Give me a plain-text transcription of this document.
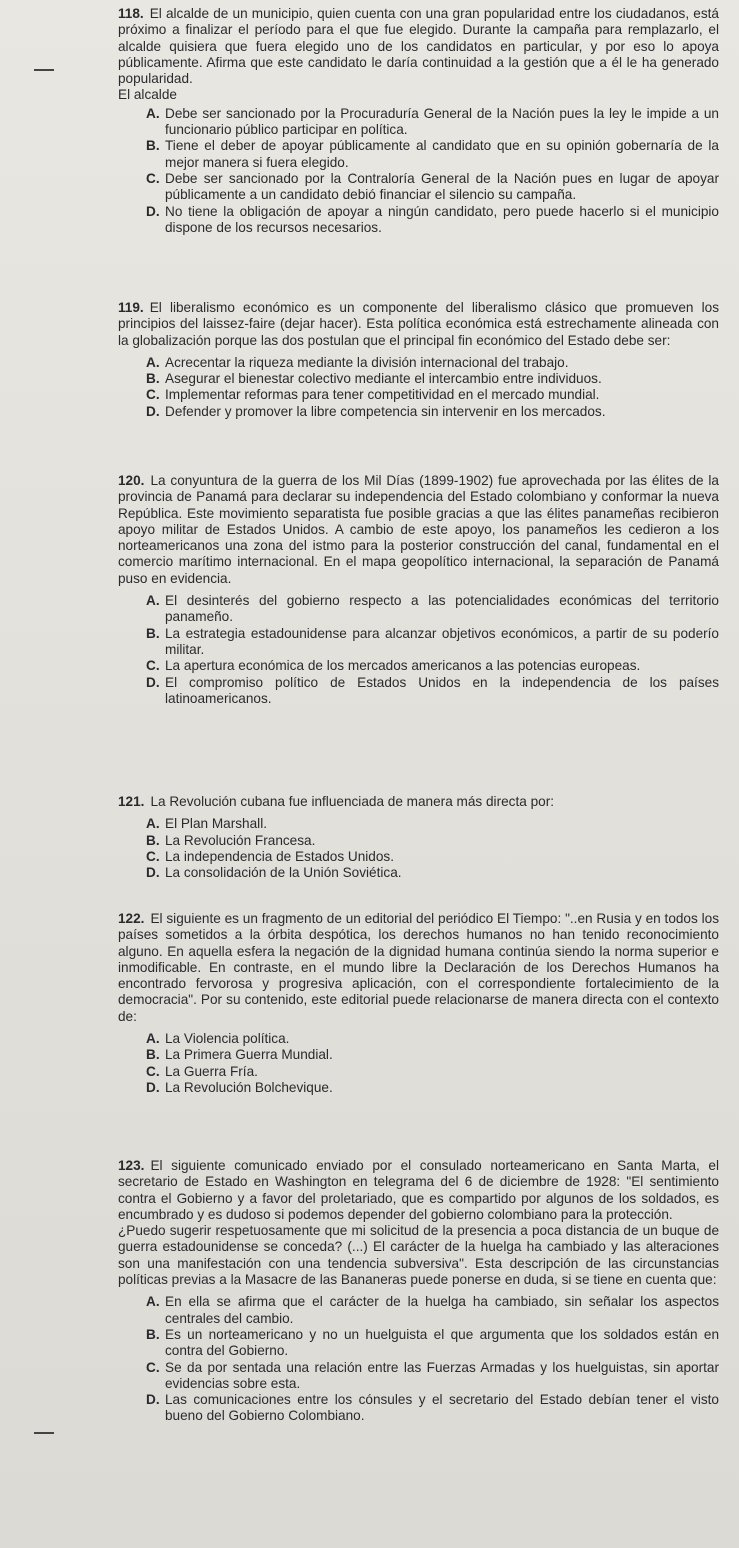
118. El alcalde de un municipio, quien cuenta con una gran popularidad entre los ciudadanos, está próximo a finalizar el período para el que fue elegido. Durante la campaña para remplazarlo, el alcalde quisiera que fuera elegido uno de los candidatos en particular, y por eso lo apoya públicamente. Afirma que este candidato le daría continuidad a la gestión que a él le ha generado popularidad.

El alcalde

A. Debe ser sancionado por la Procuraduría General de la Nación pues la ley le impide a un funcionario público participar en política.
B. Tiene el deber de apoyar públicamente al candidato que en su opinión gobernaría de la mejor manera si fuera elegido.
C. Debe ser sancionado por la Contraloría General de la Nación pues en lugar de apoyar públicamente a un candidato debió financiar el silencio su campaña.
D. No tiene la obligación de apoyar a ningún candidato, pero puede hacerlo si el municipio dispone de los recursos necesarios.

119. El liberalismo económico es un componente del liberalismo clásico que promueven los principios del laissez-faire (dejar hacer). Esta política económica está estrechamente alineada con la globalización porque las dos postulan que el principal fin económico del Estado debe ser:

A. Acrecentar la riqueza mediante la división internacional del trabajo.
B. Asegurar el bienestar colectivo mediante el intercambio entre individuos.
C. Implementar reformas para tener competitividad en el mercado mundial.
D. Defender y promover la libre competencia sin intervenir en los mercados.

120. La conyuntura de la guerra de los Mil Días (1899-1902) fue aprovechada por las élites de la provincia de Panamá para declarar su independencia del Estado colombiano y conformar la nueva República. Este movimiento separatista fue posible gracias a que las élites panameñas recibieron apoyo militar de Estados Unidos. A cambio de este apoyo, los panameños les cedieron a los norteamericanos una zona del istmo para la posterior construcción del canal, fundamental en el comercio marítimo internacional. En el mapa geopolítico internacional, la separación de Panamá puso en evidencia.

A. El desinterés del gobierno respecto a las potencialidades económicas del territorio panameño.
B. La estrategia estadounidense para alcanzar objetivos económicos, a partir de su poderío militar.
C. La apertura económica de los mercados americanos a las potencias europeas.
D. El compromiso político de Estados Unidos en la independencia de los países latinoamericanos.

121. La Revolución cubana fue influenciada de manera más directa por:

A. El Plan Marshall.
B. La Revolución Francesa.
C. La independencia de Estados Unidos.
D. La consolidación de la Unión Soviética.

122. El siguiente es un fragmento de un editorial del periódico El Tiempo: "..en Rusia y en todos los países sometidos a la órbita despótica, los derechos humanos no han tenido reconocimiento alguno. En aquella esfera la negación de la dignidad humana continúa siendo la norma superior e inmodificable. En contraste, en el mundo libre la Declaración de los Derechos Humanos ha encontrado fervorosa y progresiva aplicación, con el correspondiente fortalecimiento de la democracia". Por su contenido, este editorial puede relacionarse de manera directa con el contexto de:

A. La Violencia política.
B. La Primera Guerra Mundial.
C. La Guerra Fría.
D. La Revolución Bolchevique.

123. El siguiente comunicado enviado por el consulado norteamericano en Santa Marta, el secretario de Estado en Washington en telegrama del 6 de diciembre de 1928: "El sentimiento contra el Gobierno y a favor del proletariado, que es compartido por algunos de los soldados, es encumbrado y es dudoso si podemos depender del gobierno colombiano para la protección.

¿Puedo sugerir respetuosamente que mi solicitud de la presencia a poca distancia de un buque de guerra estadounidense se conceda? (...) El carácter de la huelga ha cambiado y las alteraciones son una manifestación con una tendencia subversiva". Esta descripción de las circunstancias políticas previas a la Masacre de las Bananeras puede ponerse en duda, si se tiene en cuenta que:

A. En ella se afirma que el carácter de la huelga ha cambiado, sin señalar los aspectos centrales del cambio.
B. Es un norteamericano y no un huelguista el que argumenta que los soldados están en contra del Gobierno.
C. Se da por sentada una relación entre las Fuerzas Armadas y los huelguistas, sin aportar evidencias sobre esta.
D. Las comunicaciones entre los cónsules y el secretario del Estado debían tener el visto bueno del Gobierno Colombiano.
